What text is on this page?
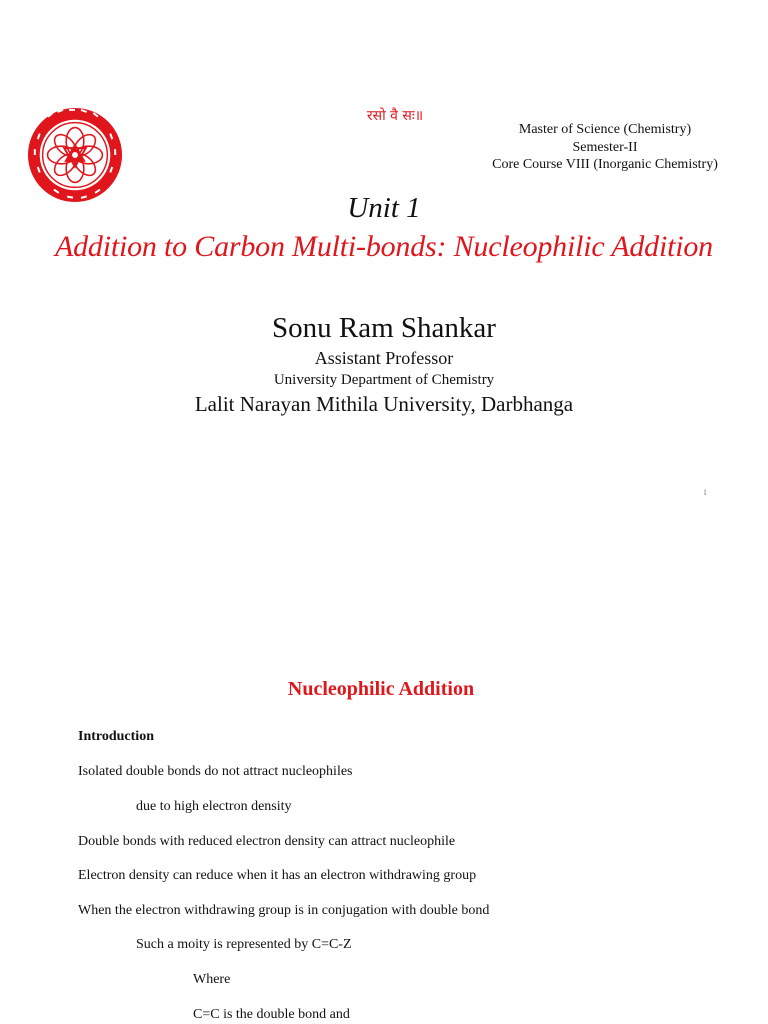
रसो वै सः॥
Master of Science (Chemistry)
Semester-II
Core Course VIII (Inorganic Chemistry)
Unit 1
Addition to Carbon Multi-bonds: Nucleophilic Addition
Sonu Ram Shankar
Assistant Professor
University Department of Chemistry
Lalit Narayan Mithila University, Darbhanga
1
Nucleophilic Addition
Introduction
Isolated double bonds do not attract nucleophiles
due to high electron density
Double bonds with reduced electron density can attract nucleophile
Electron density can reduce when it has an electron withdrawing group
When the electron withdrawing group is in conjugation with double bond
Such a moity is represented by C=C-Z
Where
C=C is the double bond and
